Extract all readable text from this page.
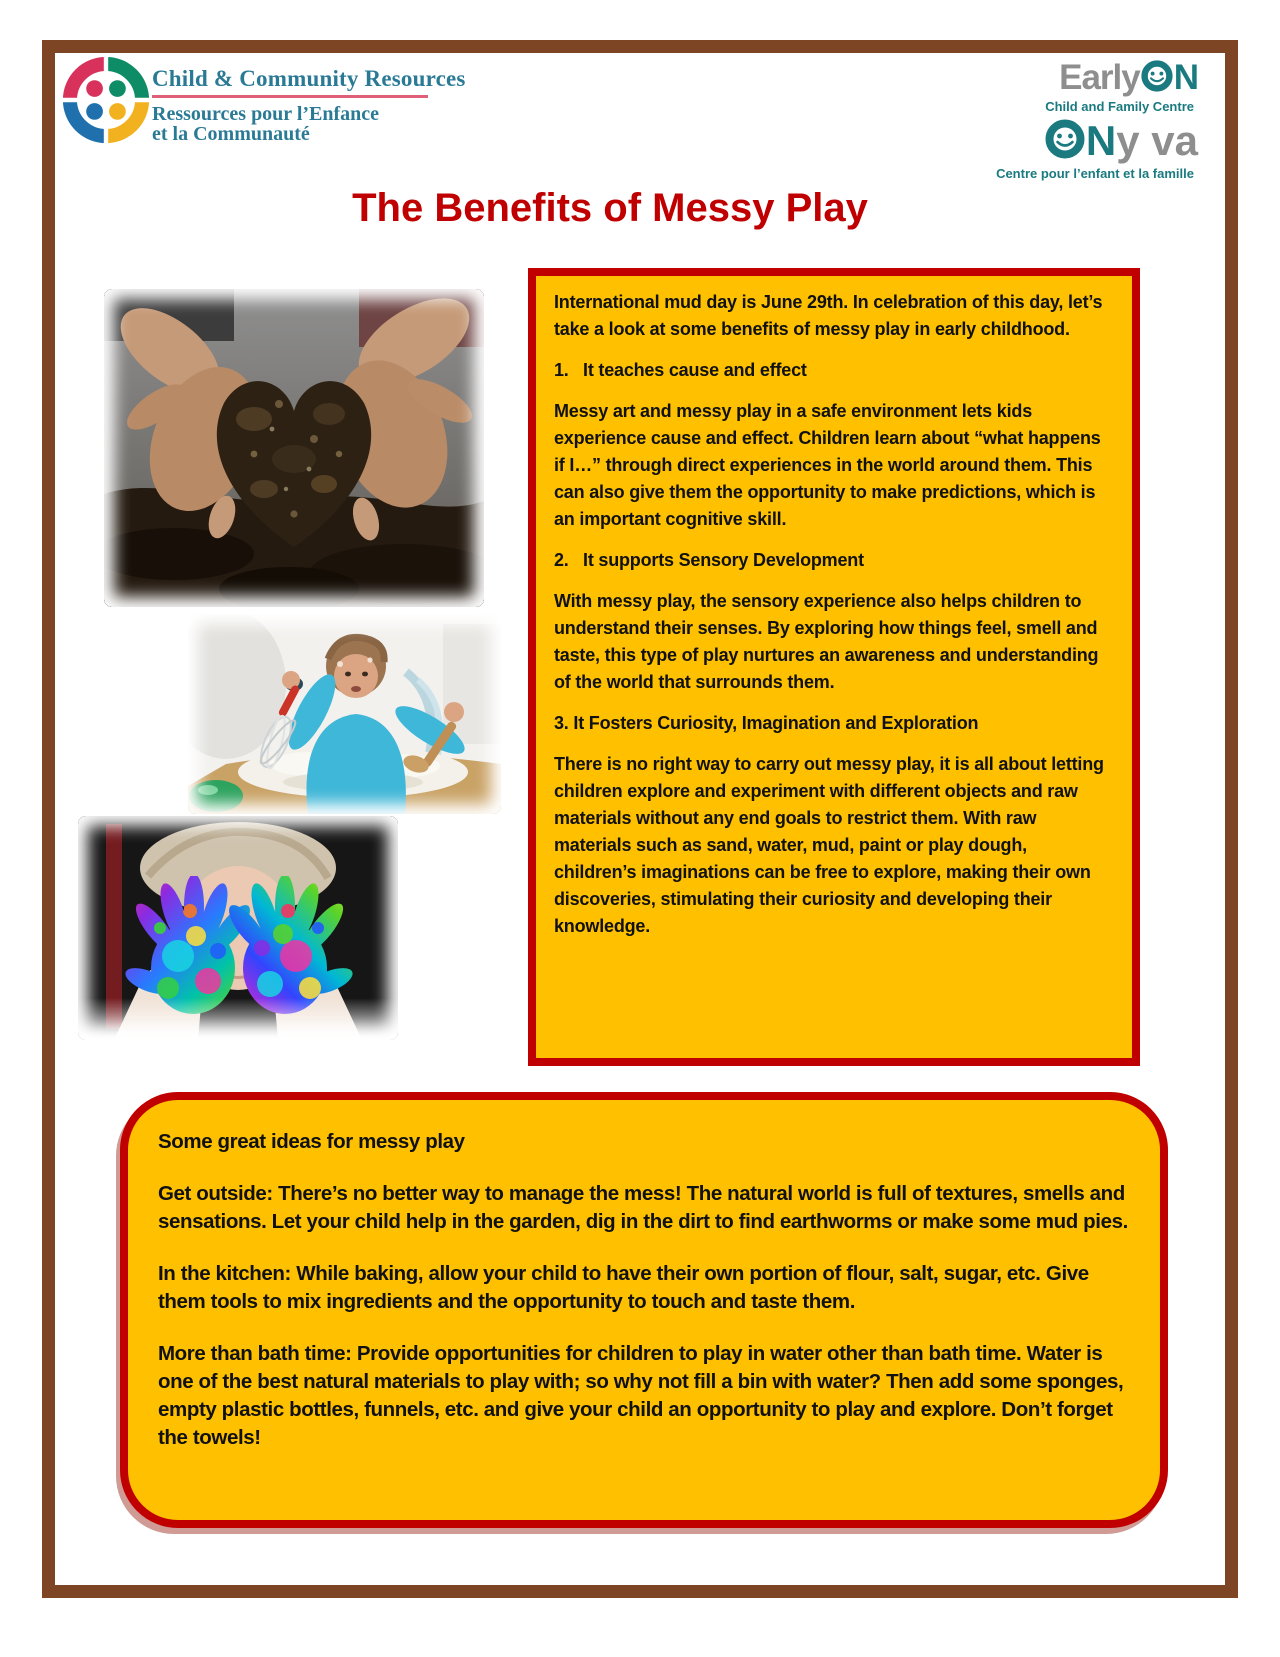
Child & Community Resources
Ressources pour l’Enfance
et la Communauté
Early N
Child and Family Centre
N y va
Centre pour l’enfant et la famille
The Benefits of Messy Play

International mud day is June 29th. In celebration of this day, let’s take a look at some benefits of messy play in early childhood.

1.   It teaches cause and effect

Messy art and messy play in a safe environment lets kids experience cause and effect. Children learn about “what happens if I…” through direct experiences in the world around them. This can also give them the opportunity to make predictions, which is an important cognitive skill.

2.   It supports Sensory Development

With messy play, the sensory experience also helps children to understand their senses. By exploring how things feel, smell and taste, this type of play nurtures an awareness and understanding of the world that surrounds them.

3. It Fosters Curiosity, Imagination and Exploration

There is no right way to carry out messy play, it is all about letting children explore and experiment with different objects and raw materials without any end goals to restrict them. With raw materials such as sand, water, mud, paint or play dough, children’s imaginations can be free to explore, making their own discoveries, stimulating their curiosity and developing their knowledge.

Some great ideas for messy play

Get outside: There’s no better way to manage the mess! The natural world is full of textures, smells and sensations. Let your child help in the garden, dig in the dirt to find earthworms or make some mud pies.

In the kitchen: While baking, allow your child to have their own portion of flour, salt, sugar, etc. Give them tools to mix ingredients and the opportunity to touch and taste them.

More than bath time: Provide opportunities for children to play in water other than bath time. Water is one of the best natural materials to play with; so why not fill a bin with water? Then add some sponges, empty plastic bottles, funnels, etc. and give your child an opportunity to play and explore. Don’t forget the towels!
